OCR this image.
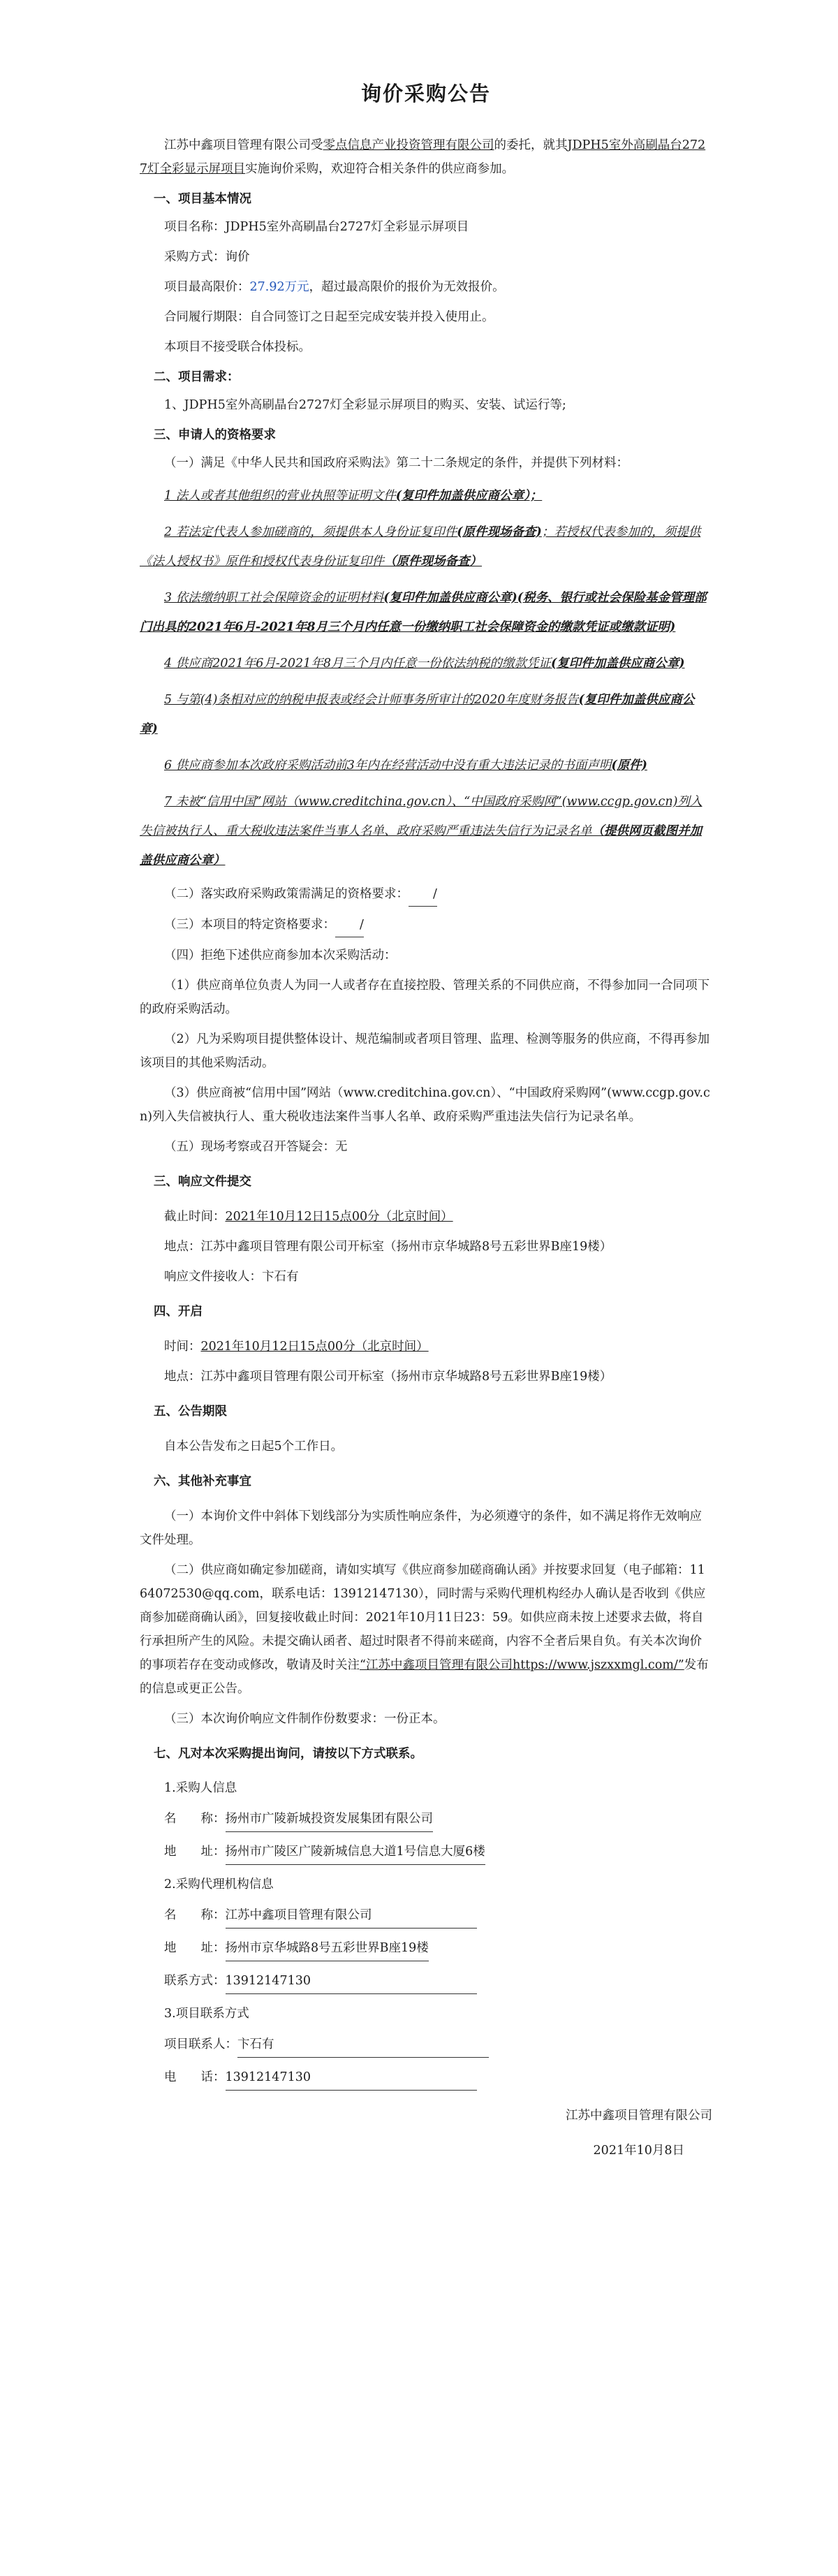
询价采购公告
江苏中鑫项目管理有限公司受零点信息产业投资管理有限公司的委托，就其JDPH5室外高刷晶台2727灯全彩显示屏项目实施询价采购，欢迎符合相关条件的供应商参加。
一、项目基本情况
项目名称：JDPH5室外高刷晶台2727灯全彩显示屏项目
采购方式：询价
项目最高限价：27.92万元，超过最高限价的报价为无效报价。
合同履行期限：自合同签订之日起至完成安装并投入使用止。
本项目不接受联合体投标。
二、项目需求：
1、JDPH5室外高刷晶台2727灯全彩显示屏项目的购买、安装、试运行等;
三、申请人的资格要求
（一）满足《中华人民共和国政府采购法》第二十二条规定的条件，并提供下列材料：
1 法人或者其他组织的营业执照等证明文件(复印件加盖供应商公章）；
2 若法定代表人参加磋商的，须提供本人身份证复印件(原件现场备查)；若授权代表参加的，须提供《法人授权书》原件和授权代表身份证复印件（原件现场备查）
3 依法缴纳职工社会保障资金的证明材料(复印件加盖供应商公章)(税务、银行或社会保险基金管理部门出具的2021年6月-2021年8月三个月内任意一份缴纳职工社会保障资金的缴款凭证或缴款证明)
4 供应商2021年6月-2021年8月三个月内任意一份依法纳税的缴款凭证(复印件加盖供应商公章)
5 与第(4)条相对应的纳税申报表或经会计师事务所审计的2020年度财务报告(复印件加盖供应商公章)
6 供应商参加本次政府采购活动前3年内在经营活动中没有重大违法记录的书面声明(原件)
7 未被“信用中国”网站（www.creditchina.gov.cn）、“中国政府采购网”(www.ccgp.gov.cn)列入失信被执行人、重大税收违法案件当事人名单、政府采购严重违法失信行为记录名单（提供网页截图并加盖供应商公章）
（二）落实政府采购政策需满足的资格要求： /
（三）本项目的特定资格要求： /
（四）拒绝下述供应商参加本次采购活动：
（1）供应商单位负责人为同一人或者存在直接控股、管理关系的不同供应商，不得参加同一合同项下的政府采购活动。
（2）凡为采购项目提供整体设计、规范编制或者项目管理、监理、检测等服务的供应商，不得再参加该项目的其他采购活动。
（3）供应商被“信用中国”网站（www.creditchina.gov.cn）、“中国政府采购网”(www.ccgp.gov.cn)列入失信被执行人、重大税收违法案件当事人名单、政府采购严重违法失信行为记录名单。
（五）现场考察或召开答疑会：无
三、响应文件提交
截止时间：2021年10月12日15点00分（北京时间）
地点：江苏中鑫项目管理有限公司开标室（扬州市京华城路8号五彩世界B座19楼）
响应文件接收人：卞石有
四、开启
时间：2021年10月12日15点00分（北京时间）
地点：江苏中鑫项目管理有限公司开标室（扬州市京华城路8号五彩世界B座19楼）
五、公告期限
自本公告发布之日起5个工作日。
六、其他补充事宜
（一）本询价文件中斜体下划线部分为实质性响应条件，为必须遵守的条件，如不满足将作无效响应文件处理。
（二）供应商如确定参加磋商，请如实填写《供应商参加磋商确认函》并按要求回复（电子邮箱：1164072530@qq.com，联系电话：13912147130），同时需与采购代理机构经办人确认是否收到《供应商参加磋商确认函》，回复接收截止时间：2021年10月11日23：59。如供应商未按上述要求去做，将自行承担所产生的风险。未提交确认函者、超过时限者不得前来磋商，内容不全者后果自负。有关本次询价的事项若存在变动或修改，敬请及时关注“江苏中鑫项目管理有限公司https://www.jszxxmgl.com/”发布的信息或更正公告。
（三）本次询价响应文件制作份数要求：一份正本。
七、凡对本次采购提出询问，请按以下方式联系。
1.采购人信息
名　　称：扬州市广陵新城投资发展集团有限公司
地　　址：扬州市广陵区广陵新城信息大道1号信息大厦6楼
2.采购代理机构信息
名　　称：江苏中鑫项目管理有限公司
地　　址：扬州市京华城路8号五彩世界B座19楼
联系方式：13912147130
3.项目联系方式
项目联系人：卞石有
电　　话：13912147130
江苏中鑫项目管理有限公司
2021年10月8日
